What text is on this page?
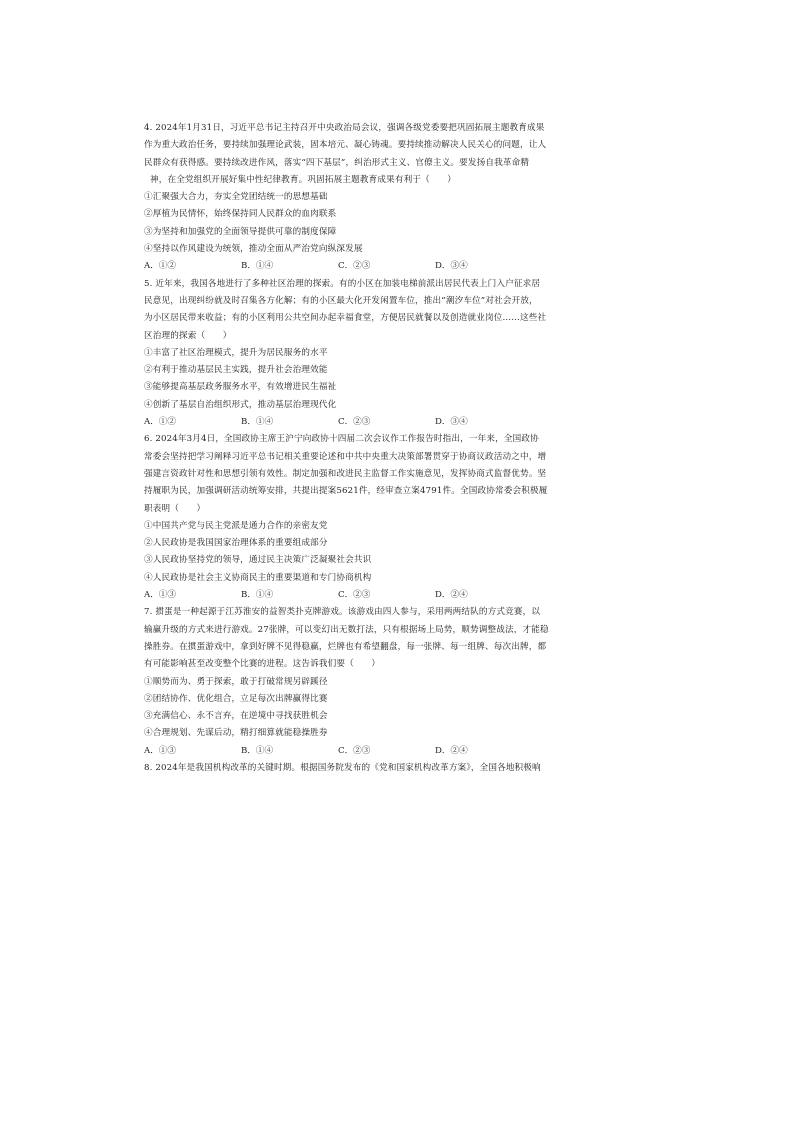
4. 2024年1月31日，习近平总书记主持召开中央政治局会议，强调各级党委要把巩固拓展主题教育成果
作为重大政治任务，要持续加强理论武装，固本培元、凝心铸魂。要持续推动解决人民关心的问题，让人
民群众有获得感。要持续改进作风，落实“四下基层”，纠治形式主义、官僚主义。要发扬自我革命精
神，在全党组织开展好集中性纪律教育。巩固拓展主题教育成果有利于（　　）
①汇聚强大合力，夯实全党团结统一的思想基础
②厚植为民情怀，始终保持同人民群众的血肉联系
③为坚持和加强党的全面领导提供可靠的制度保障
④坚持以作风建设为统领，推动全面从严治党向纵深发展
A．①②	B．①④	C．②③	D．③④
5. 近年来，我国各地进行了多种社区治理的探索。有的小区在加装电梯前派出居民代表上门入户征求居
民意见，出现纠纷就及时召集各方化解；有的小区最大化开发闲置车位，推出“潮汐车位”对社会开放，
为小区居民带来收益；有的小区利用公共空间办起幸福食堂，方便居民就餐以及创造就业岗位……这些社
区治理的探索（　　）
①丰富了社区治理模式，提升为居民服务的水平
②有利于推动基层民主实践，提升社会治理效能
③能够提高基层政务服务水平，有效增进民生福祉
④创新了基层自治组织形式，推动基层治理现代化
A．①②	B．①④	C．②③	D．③④
6. 2024年3月4日，全国政协主席王沪宁向政协十四届二次会议作工作报告时指出，一年来，全国政协
常委会坚持把学习阐释习近平总书记相关重要论述和中共中央重大决策部署贯穿于协商议政活动之中，增
强建言资政针对性和思想引领有效性。制定加强和改进民主监督工作实施意见，发挥协商式监督优势。坚
持履职为民，加强调研活动统筹安排，共提出提案5621件，经审查立案4791件。全国政协常委会积极履
职表明（　　）
①中国共产党与民主党派是通力合作的亲密友党
②人民政协是我国国家治理体系的重要组成部分
③人民政协坚持党的领导，通过民主决策广泛凝聚社会共识
④人民政协是社会主义协商民主的重要渠道和专门协商机构
A．①③	B．①④	C．②③	D．②④
7. 掼蛋是一种起源于江苏淮安的益智类扑克牌游戏。该游戏由四人参与，采用两两结队的方式竞赛，以
输赢升级的方式来进行游戏。27张牌，可以变幻出无数打法，只有根据场上局势，顺势调整战法，才能稳
操胜券。在掼蛋游戏中，拿到好牌不见得稳赢，烂牌也有希望翻盘，每一张牌、每一组牌、每次出牌，都
有可能影响甚至改变整个比赛的进程。这告诉我们要（　　）
①顺势而为、勇于探索，敢于打破常规另辟蹊径
②团结协作、优化组合，立足每次出牌赢得比赛
③充满信心、永不言弃，在逆境中寻找获胜机会
④合理规划、先谋后动，精打细算就能稳操胜券
A．①③	B．①④	C．②③	D．②④
8. 2024年是我国机构改革的关键时期。根据国务院发布的《党和国家机构改革方案》，全国各地积极响
